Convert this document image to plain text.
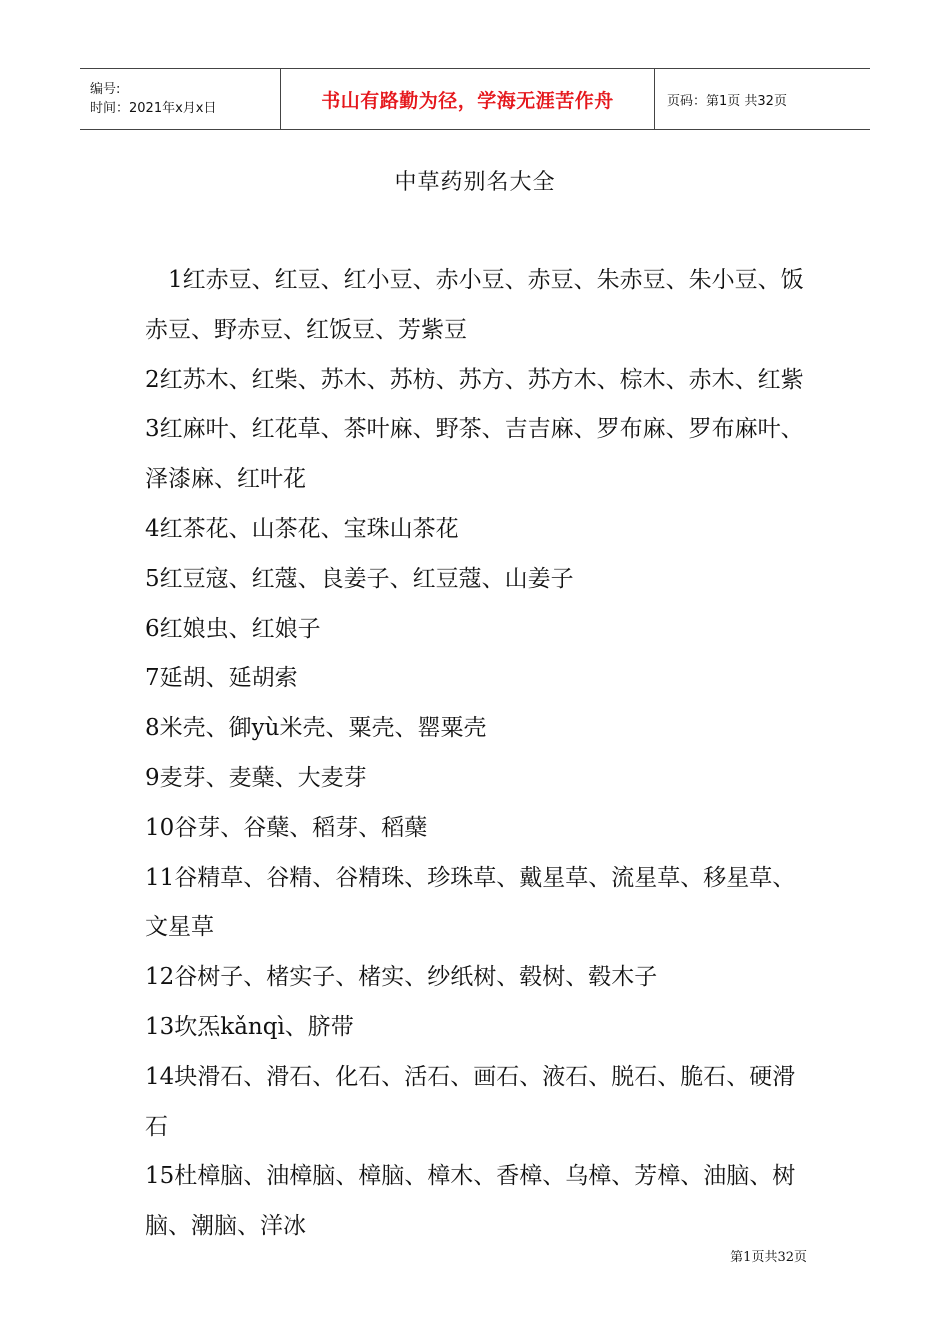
编号:
时间：2021年x月x日	书山有路勤为径，学海无涯苦作舟	页码：第1页 共32页
中草药别名大全

1红赤豆、红豆、红小豆、赤小豆、赤豆、朱赤豆、朱小豆、饭赤豆、野赤豆、红饭豆、芳紫豆

2红苏木、红柴、苏木、苏枋、苏方、苏方木、棕木、赤木、红紫

3红麻叶、红花草、茶叶麻、野茶、吉吉麻、罗布麻、罗布麻叶、泽漆麻、红叶花

4红茶花、山茶花、宝珠山茶花

5红豆寇、红蔻、良姜子、红豆蔻、山姜子

6红娘虫、红娘子

7延胡、延胡索

8米壳、御yù米壳、粟壳、罂粟壳

9麦芽、麦蘖、大麦芽

10谷芽、谷蘖、稻芽、稻蘖

11谷精草、谷精、谷精珠、珍珠草、戴星草、流星草、移星草、文星草

12谷树子、楮实子、楮实、纱纸树、毂树、毂木子

13坎炁kǎnqì、脐带

14块滑石、滑石、化石、活石、画石、液石、脱石、脆石、硬滑石

15杜樟脑、油樟脑、樟脑、樟木、香樟、乌樟、芳樟、油脑、树脑、潮脑、洋冰

第1页共32页
